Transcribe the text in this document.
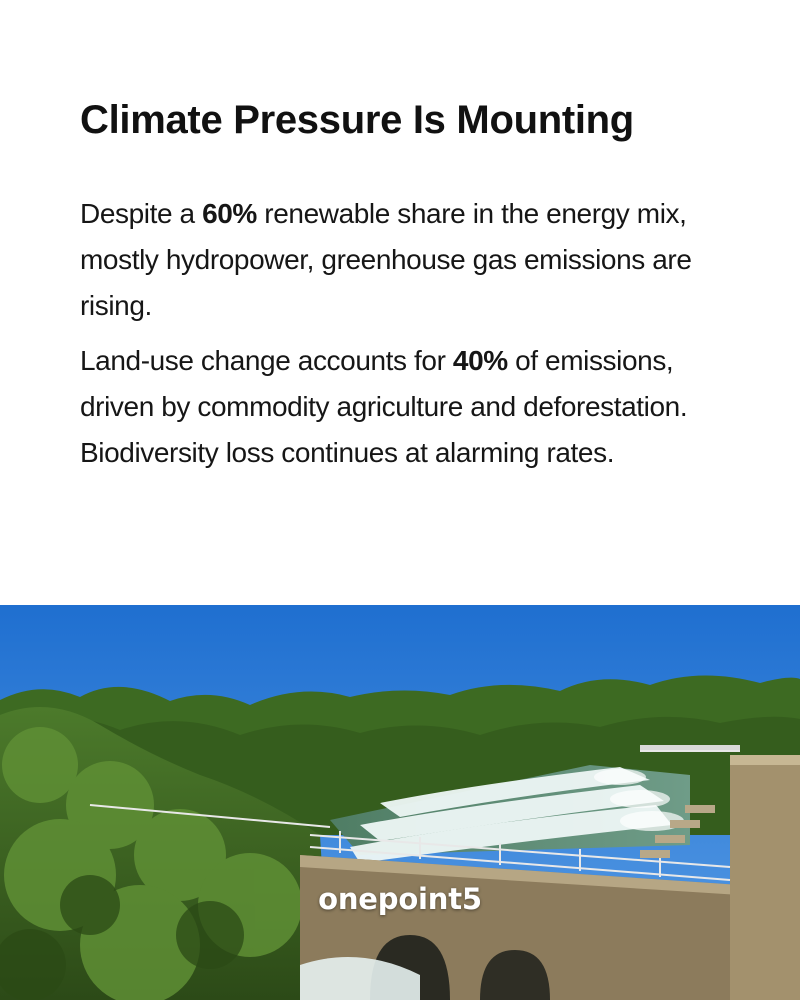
Climate Pressure Is Mounting

Despite a 60% renewable share in the energy mix, mostly hydropower, greenhouse gas emissions are rising.

Land-use change accounts for 40% of emissions, driven by commodity agriculture and deforestation. Biodiversity loss continues at alarming rates.

onepoint5
